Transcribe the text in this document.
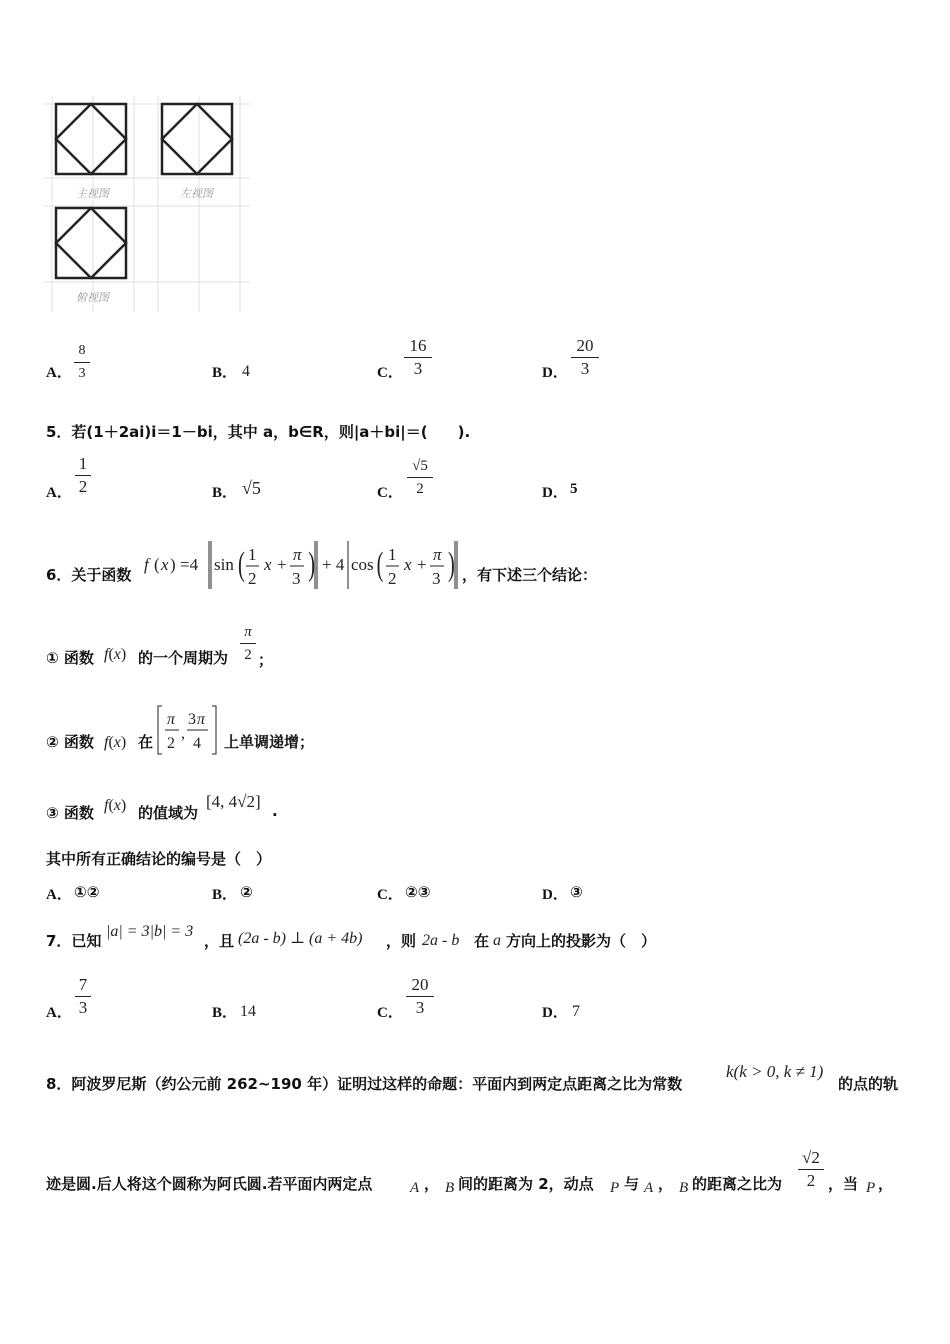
主视图	左视图
俯视图
A．
8
3	B． 4	C．
16
3	D．
20
3
5．若(1＋2ai)i＝1－bi，其中 a，b∈R，则|a＋bi|＝(　　).
A．
1
2	B． √5	C．
√5
2	D． 5
6．关于函数
f ( x ) =4 sin ( 1
2
x +
π
3 ) + 4 cos ( 1
2
x +
π
3 ) ，有下述三个结论：
① 函数 f(x) 的一个周期为
π
2 ；
② 函数 f(x) 在
π
2
,
3 π
4 上单调递增；
③ 函数 f(x) 的值域为
[4, 4√2] .
其中所有正确结论的编号是（　）
A． ①②	B． ②	C． ②③	D． ③
7．已知
|a| = 3|b| = 3
，且 (2a - b) ⊥ (a + 4b) ，则 2a - b 在 a 方向上的投影为（　）
A．
7
3	B． 14	C．
20
3	D． 7
8．阿波罗尼斯（约公元前 262~190 年）证明过这样的命题：平面内到两定点距离之比为常数
k(k > 0, k ≠ 1)
的点的轨
迹是圆.后人将这个圆称为阿氏圆.若平面内两定点	A ， B 间的距离为 2，动点 P 与 A ， B 的距离之比为
√2
2 ，当 P ，
